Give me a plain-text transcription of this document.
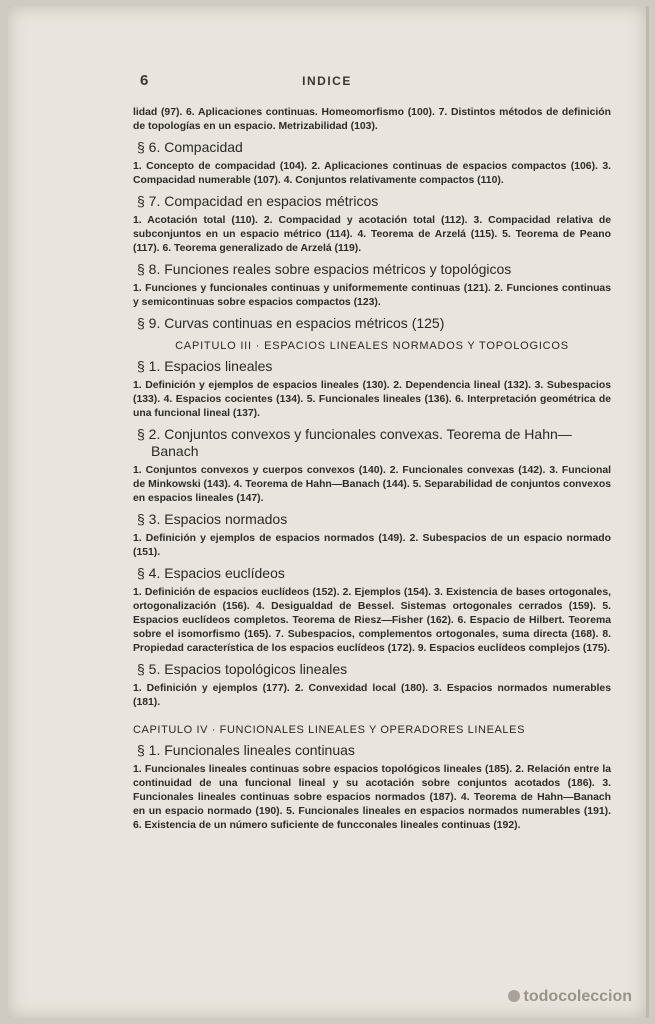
6	INDICE
lidad (97). 6. Aplicaciones continuas. Homeomorfismo (100). 7. Distintos métodos de definición de topologías en un espacio. Metrizabilidad (103).
§ 6. Compacidad
1. Concepto de compacidad (104). 2. Aplicaciones continuas de espacios compactos (106). 3. Compacidad numerable (107). 4. Conjuntos relativamente compactos (110).
§ 7. Compacidad en espacios métricos
1. Acotación total (110). 2. Compacidad y acotación total (112). 3. Compacidad relativa de subconjuntos en un espacio métrico (114). 4. Teorema de Arzelá (115). 5. Teorema de Peano (117). 6. Teorema generalizado de Arzelá (119).
§ 8. Funciones reales sobre espacios métricos y topológicos
1. Funciones y funcionales continuas y uniformemente continuas (121). 2. Funciones continuas y semicontinuas sobre espacios compactos (123).
§ 9. Curvas continuas en espacios métricos (125)
CAPITULO III · ESPACIOS LINEALES NORMADOS Y TOPOLOGICOS
§ 1. Espacios lineales
1. Definición y ejemplos de espacios lineales (130). 2. Dependencia lineal (132). 3. Subespacios (133). 4. Espacios cocientes (134). 5. Funcionales lineales (136). 6. Interpretación geométrica de una funcional lineal (137).
§ 2. Conjuntos convexos y funcionales convexas. Teorema de Hahn—Banach
1. Conjuntos convexos y cuerpos convexos (140). 2. Funcionales convexas (142). 3. Funcional de Minkowski (143). 4. Teorema de Hahn—Banach (144). 5. Separabilidad de conjuntos convexos en espacios lineales (147).
§ 3. Espacios normados
1. Definición y ejemplos de espacios normados (149). 2. Subespacios de un espacio normado (151).
§ 4. Espacios euclídeos
1. Definición de espacios euclídeos (152). 2. Ejemplos (154). 3. Existencia de bases ortogonales, ortogonalización (156). 4. Desigualdad de Bessel. Sistemas ortogonales cerrados (159). 5. Espacios euclídeos completos. Teorema de Riesz—Fisher (162). 6. Espacio de Hilbert. Teorema sobre el isomorfismo (165). 7. Subespacios, complementos ortogonales, suma directa (168). 8. Propiedad característica de los espacios euclídeos (172). 9. Espacios euclídeos complejos (175).
§ 5. Espacios topológicos lineales
1. Definición y ejemplos (177). 2. Convexidad local (180). 3. Espacios normados numerables (181).
CAPITULO IV · FUNCIONALES LINEALES Y OPERADORES LINEALES
§ 1. Funcionales lineales continuas
1. Funcionales lineales continuas sobre espacios topológicos lineales (185). 2. Relación entre la continuidad de una funcional lineal y su acotación sobre conjuntos acotados (186). 3. Funcionales lineales continuas sobre espacios normados (187). 4. Teorema de Hahn—Banach en un espacio normado (190). 5. Funcionales lineales en espacios normados numerables (191). 6. Existencia de un número suficiente de funcconales lineales continuas (192).
todocoleccion
